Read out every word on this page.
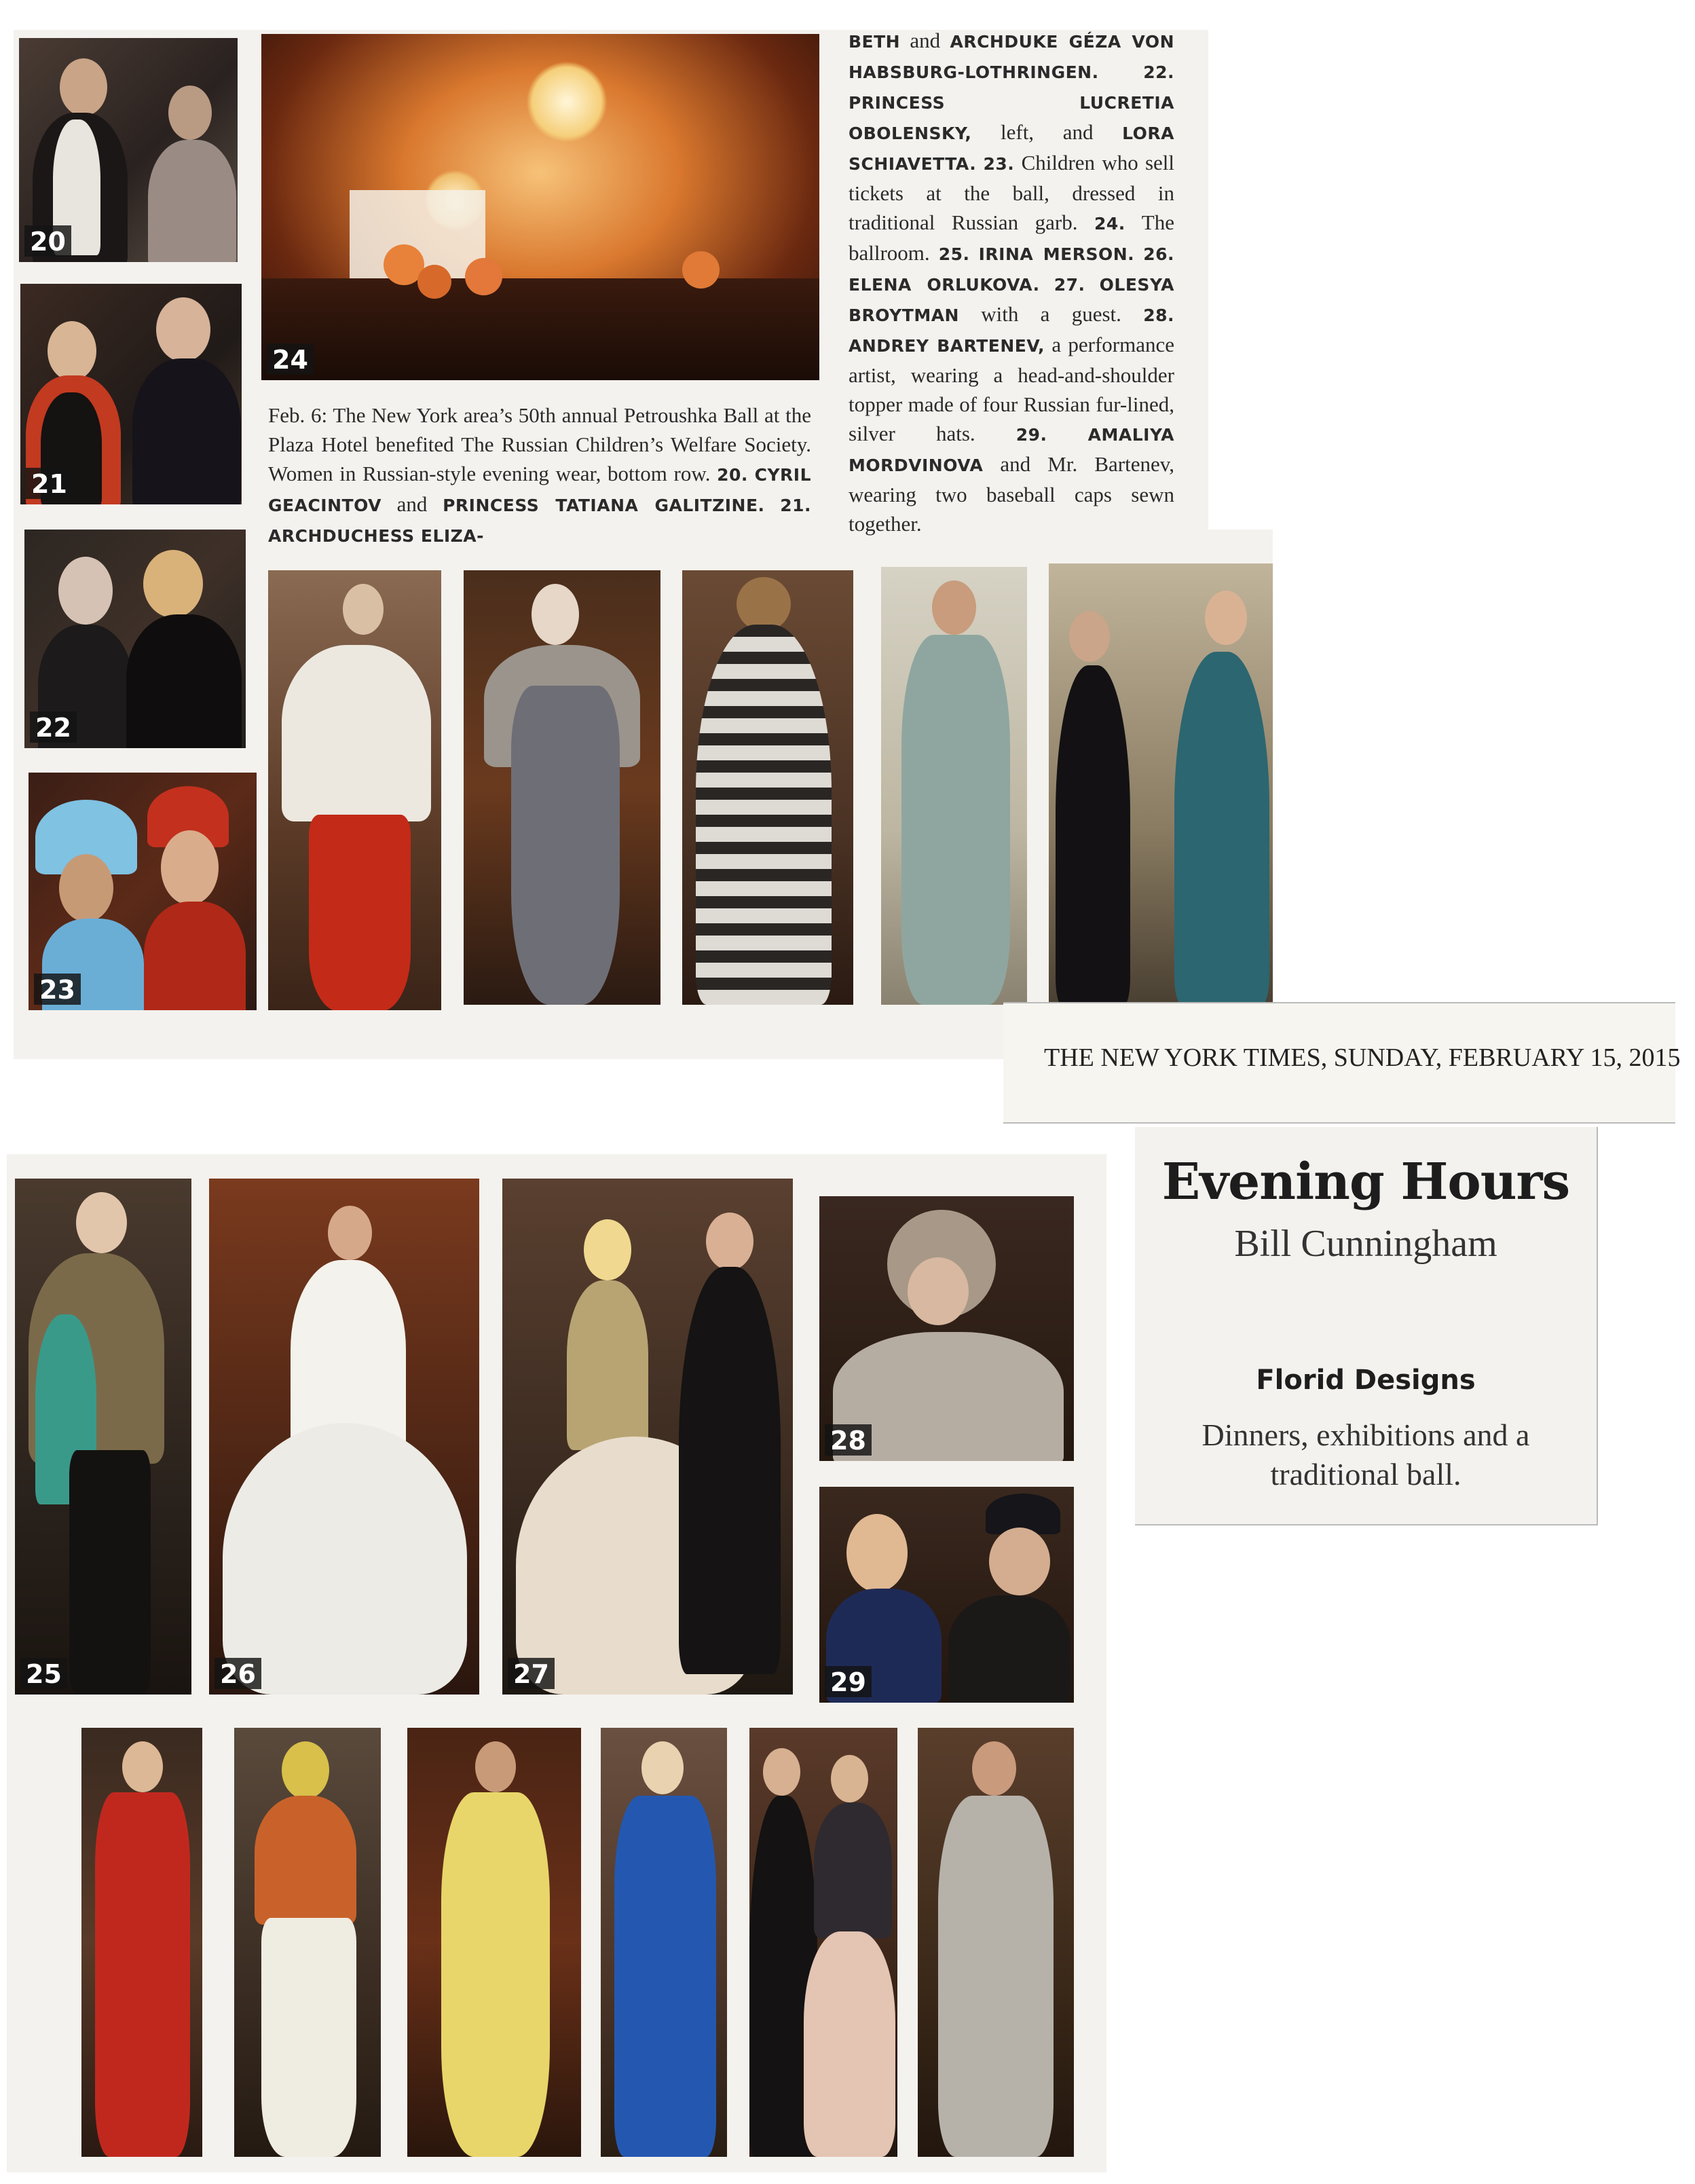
20
21
22
23
24

Feb. 6: The New York area’s 50th annual Petroushka Ball at the Plaza Hotel benefited The Russian Children’s Welfare Society. Women in Russian-style evening wear, bottom row. 20. CYRIL GEACINTOV and PRINCESS TATIANA GALITZINE. 21. ARCHDUCHESS ELIZA-

BETH and ARCHDUKE GÉZA VON HABSBURG-LOTHRINGEN.	22. PRINCESS LUCRETIA OBOLENSKY, left, and LORA SCHIAVETTA. 23. Children who sell tickets at the ball, dressed in traditional Russian garb. 24. The ballroom. 25. IRINA MERSON. 26. ELENA ORLUKOVA. 27. OLESYA BROYTMAN with a guest. 28. ANDREY BARTENEV, a performance artist, wearing a head-and-shoulder topper made of four Russian fur-lined, silver hats. 29. AMALIYA MORDVINOVA and Mr. Bartenev, wearing two baseball caps sewn together.

THE NEW YORK TIMES, SUNDAY, FEBRUARY 15, 2015
Evening Hours
Bill Cunningham
Florid Designs
Dinners, exhibitions and a traditional ball.
25	26	27
28
29
